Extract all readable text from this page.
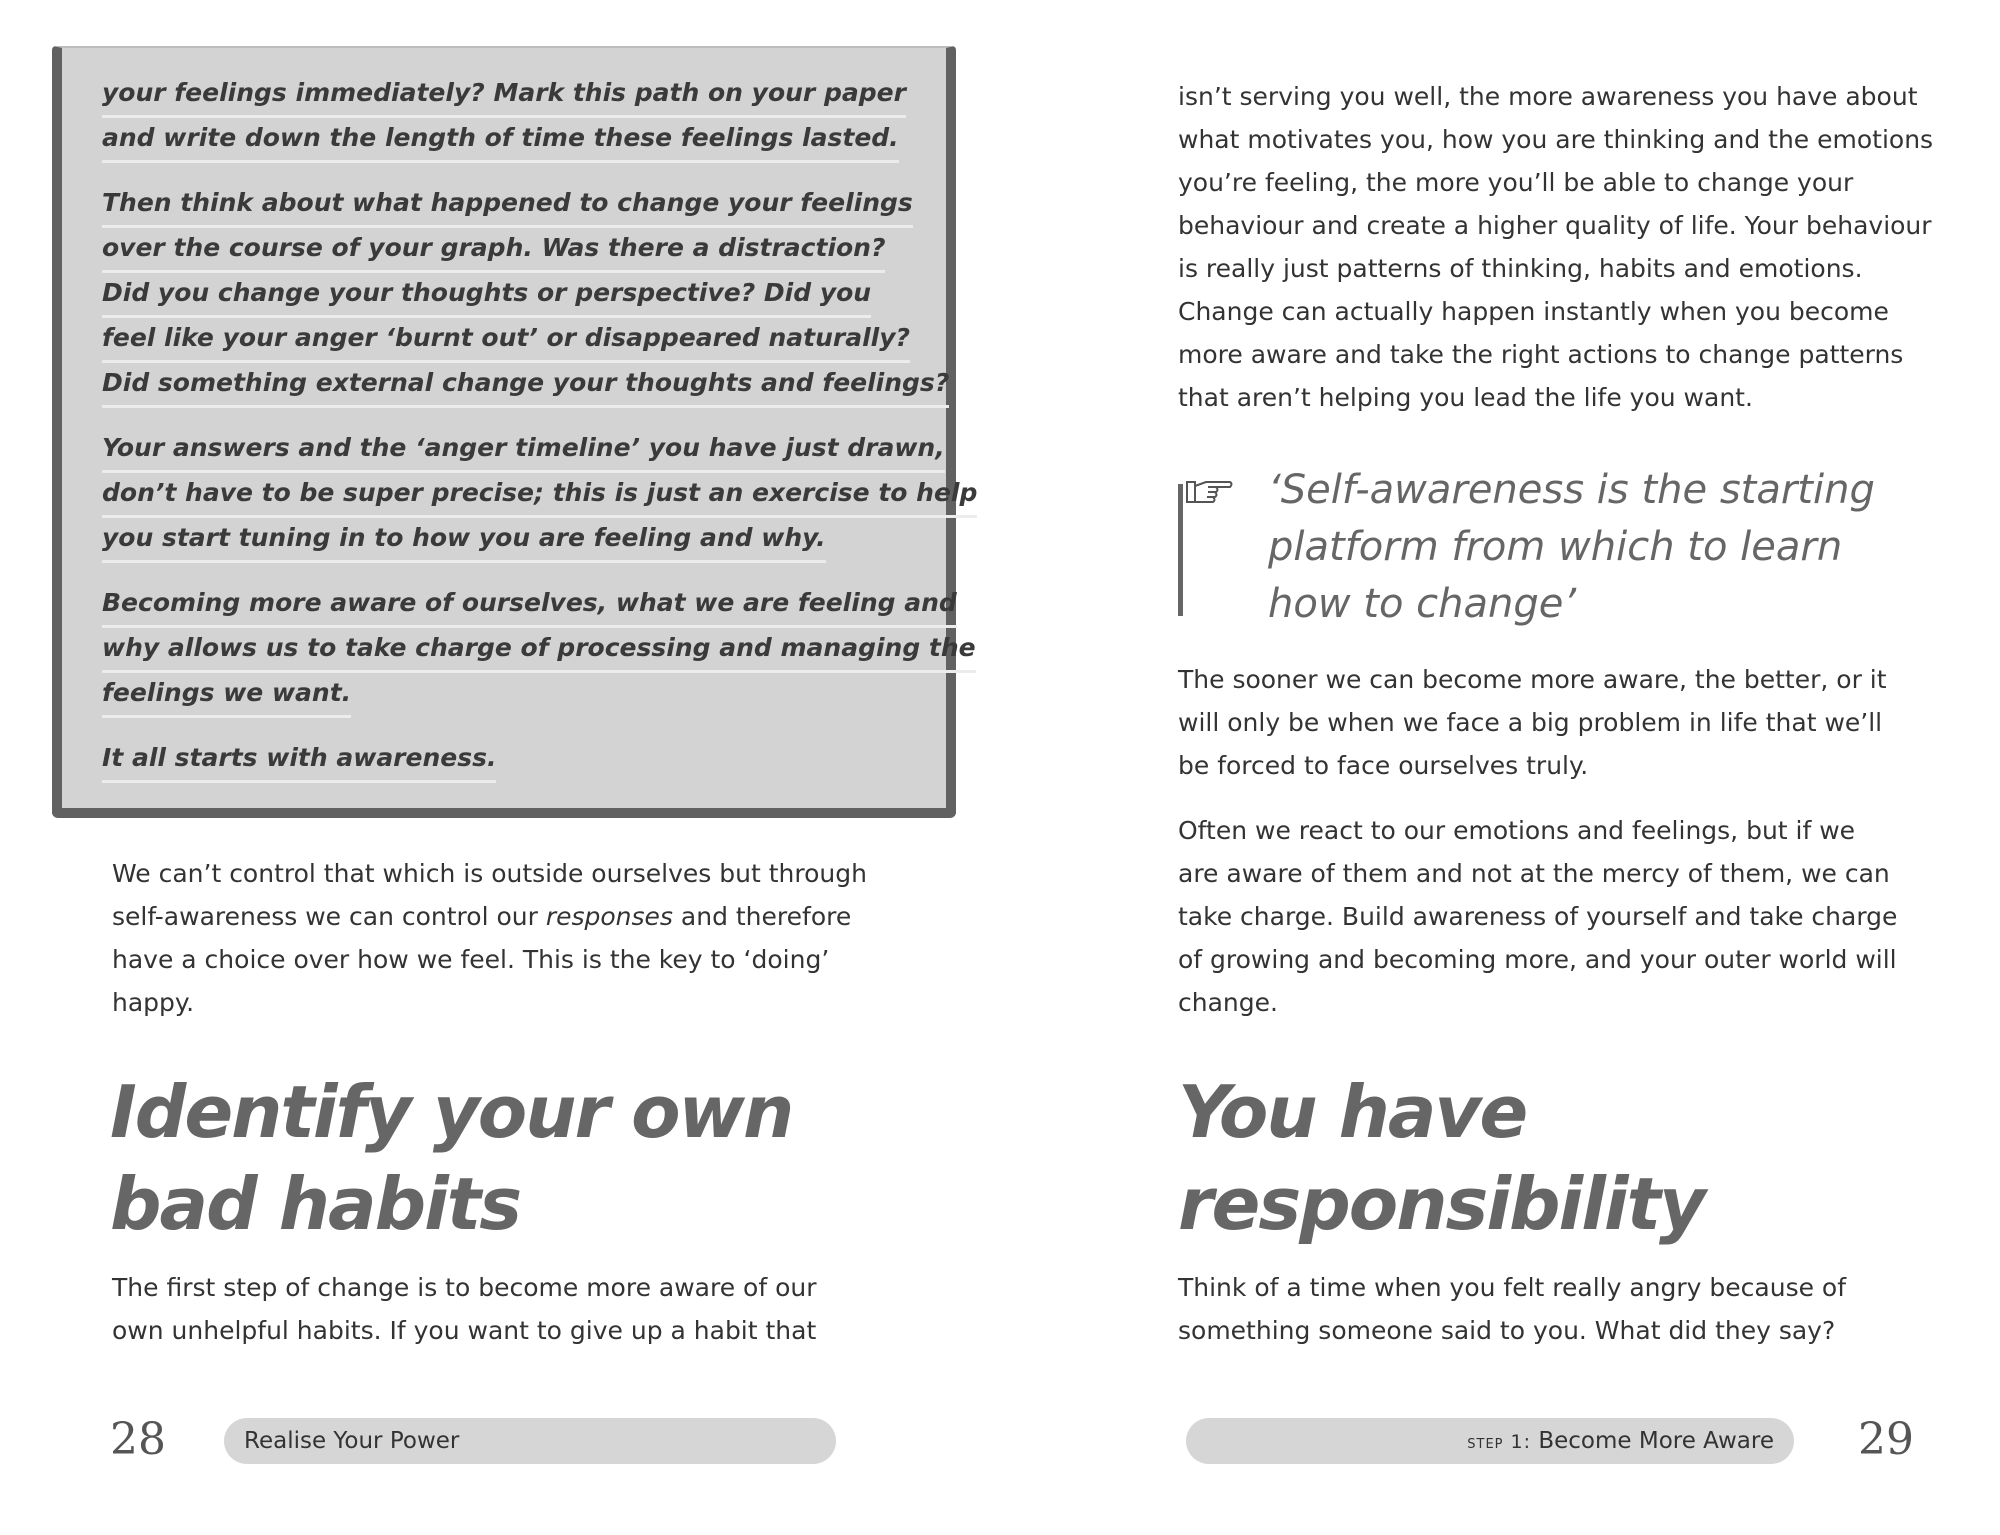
your feelings immediately? Mark this path on your paper
and write down the length of time these feelings lasted.
Then think about what happened to change your feelings
over the course of your graph. Was there a distraction?
Did you change your thoughts or perspective? Did you
feel like your anger ‘burnt out’ or disappeared naturally?
Did something external change your thoughts and feelings?
Your answers and the ‘anger timeline’ you have just drawn,
don’t have to be super precise; this is just an exercise to help
you start tuning in to how you are feeling and why.
Becoming more aware of ourselves, what we are feeling and
why allows us to take charge of processing and managing the
feelings we want.
It all starts with awareness.
We can’t control that which is outside ourselves but through
self-awareness we can control our responses and therefore
have a choice over how we feel. This is the key to ‘doing’
happy.
Identify your own
bad habits
The first step of change is to become more aware of our
own unhelpful habits. If you want to give up a habit that
28	Realise Your Power
isn’t serving you well, the more awareness you have about
what motivates you, how you are thinking and the emotions
you’re feeling, the more you’ll be able to change your
behaviour and create a higher quality of life. Your behaviour
is really just patterns of thinking, habits and emotions.
Change can actually happen instantly when you become
more aware and take the right actions to change patterns
that aren’t helping you lead the life you want.
‘Self-awareness is the starting
platform from which to learn
how to change’

The sooner we can become more aware, the better, or it
will only be when we face a big problem in life that we’ll
be forced to face ourselves truly.

Often we react to our emotions and feelings, but if we
are aware of them and not at the mercy of them, we can
take charge. Build awareness of yourself and take charge
of growing and becoming more, and your outer world will
change.

You have
responsibility
Think of a time when you felt really angry because of
something someone said to you. What did they say?
step 1: Become More Aware	29
